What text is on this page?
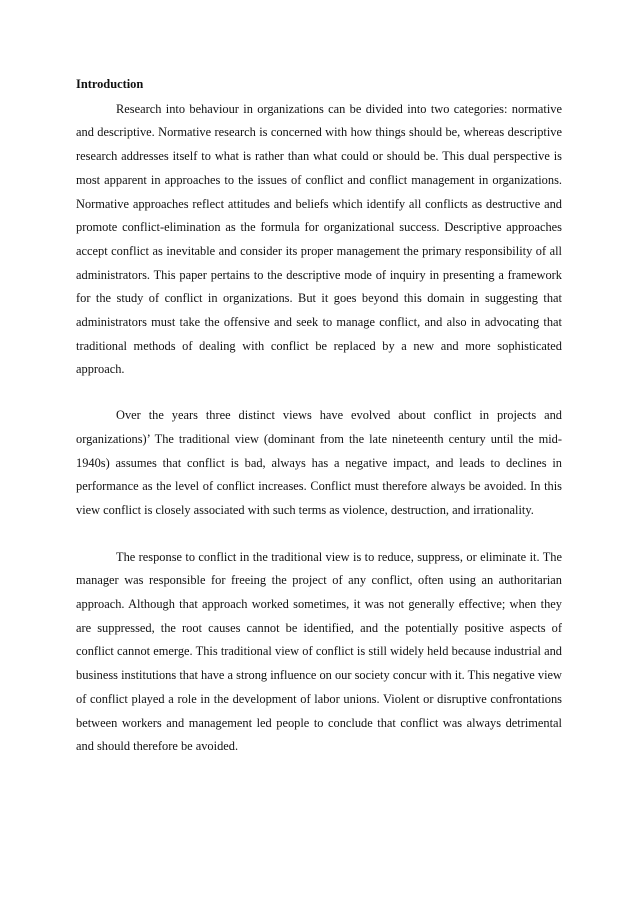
Introduction

Research into behaviour in organizations can be divided into two categories: normative and descriptive. Normative research is concerned with how things should be, whereas descriptive research addresses itself to what is rather than what could or should be. This dual perspective is most apparent in approaches to the issues of conflict and conflict management in organizations. Normative approaches reflect attitudes and beliefs which identify all conflicts as destructive and promote conflict-elimination as the formula for organizational success. Descriptive approaches accept conflict as inevitable and consider its proper management the primary responsibility of all administrators. This paper pertains to the descriptive mode of inquiry in presenting a framework for the study of conflict in organizations. But it goes beyond this domain in suggesting that administrators must take the offensive and seek to manage conflict, and also in advocating that traditional methods of dealing with conflict be replaced by a new and more sophisticated approach.

Over the years three distinct views have evolved about conflict in projects and organizations)’ The traditional view (dominant from the late nineteenth century until the mid-1940s) assumes that conflict is bad, always has a negative impact, and leads to declines in performance as the level of conflict increases. Conflict must therefore always be avoided. In this view conflict is closely associated with such terms as violence, destruction, and irrationality.

The response to conflict in the traditional view is to reduce, suppress, or eliminate it. The manager was responsible for freeing the project of any conflict, often using an authoritarian approach. Although that approach worked sometimes, it was not generally effective; when they are suppressed, the root causes cannot be identified, and the potentially positive aspects of conflict cannot emerge. This traditional view of conflict is still widely held because industrial and business institutions that have a strong influence on our society concur with it. This negative view of conflict played a role in the development of labor unions. Violent or disruptive confrontations between workers and management led people to conclude that conflict was always detrimental and should therefore be avoided.
